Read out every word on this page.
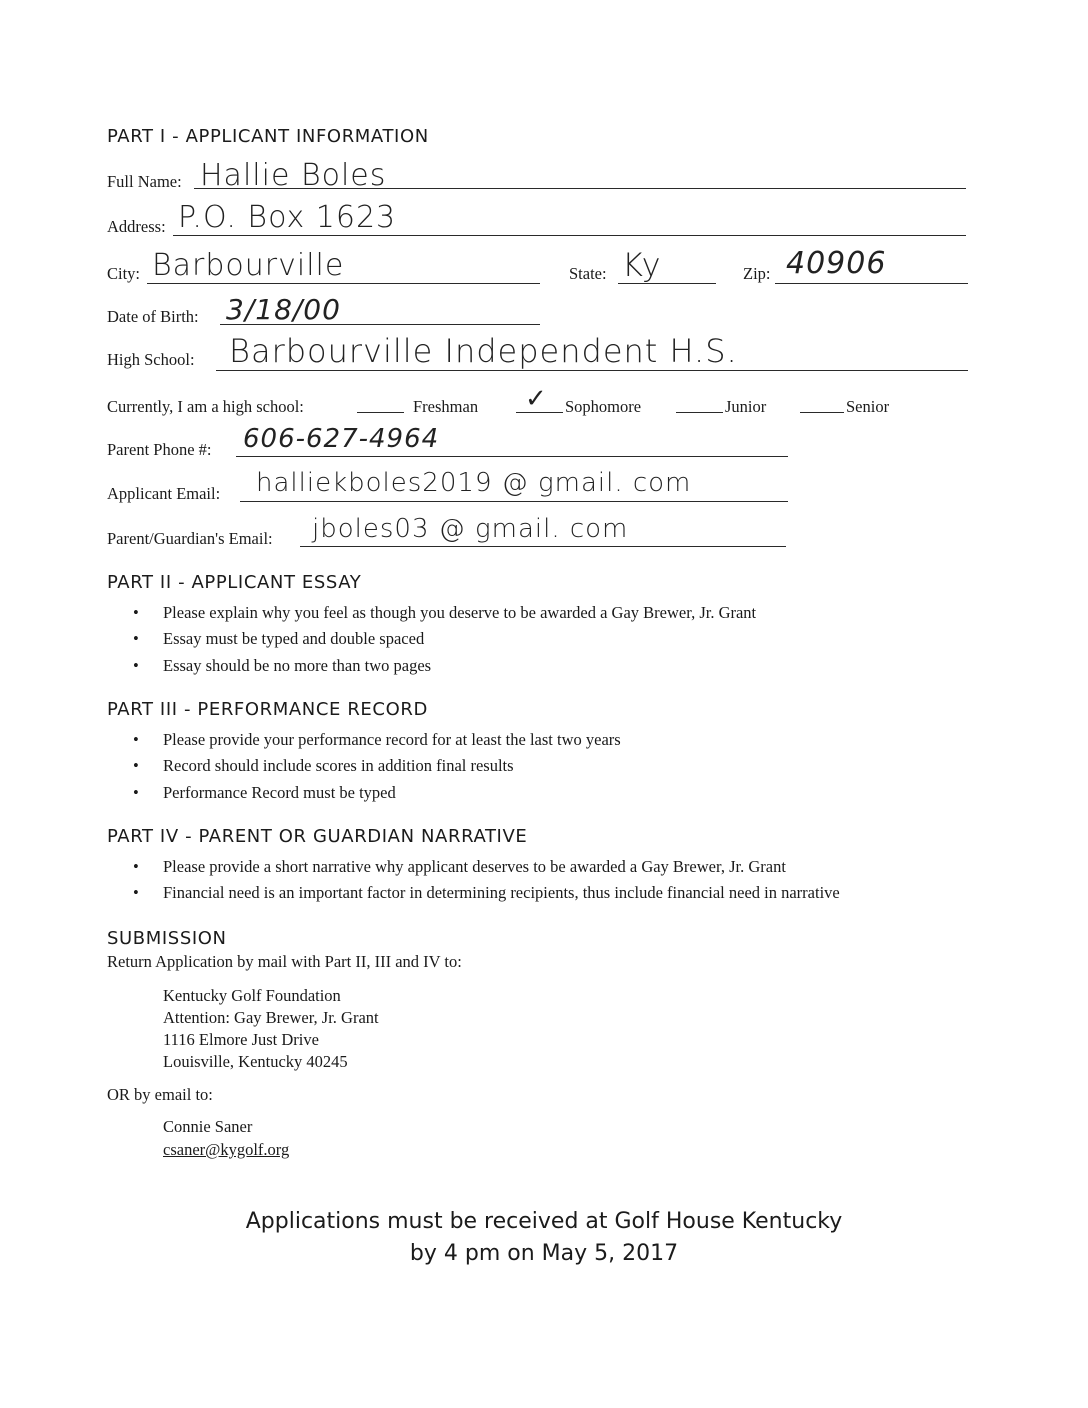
PART I - APPLICANT INFORMATION
Full Name: Hallie Boles
Address: P.O. Box 1623
City: Barbourville	State: Ky	Zip: 40906
Date of Birth: 3/18/00
High School: Barbourville Independent H.S.
Currently, I am a high school:	Freshman ✓ Sophomore	Junior	Senior
Parent Phone #: 606-627-4964
Applicant Email: halliekboles2019 @ gmail. com
Parent/Guardian's Email: jboles03 @ gmail. com
PART II - APPLICANT ESSAY
Please explain why you feel as though you deserve to be awarded a Gay Brewer, Jr. Grant
Essay must be typed and double spaced
Essay should be no more than two pages
PART III - PERFORMANCE RECORD
Please provide your performance record for at least the last two years
Record should include scores in addition final results
Performance Record must be typed
PART IV - PARENT OR GUARDIAN NARRATIVE
Please provide a short narrative why applicant deserves to be awarded a Gay Brewer, Jr. Grant
Financial need is an important factor in determining recipients, thus include financial need in narrative
SUBMISSION
Return Application by mail with Part II, III and IV to:
Kentucky Golf Foundation
Attention: Gay Brewer, Jr. Grant
1116 Elmore Just Drive
Louisville, Kentucky 40245
OR by email to:
Connie Saner
csaner@kygolf.org
Applications must be received at Golf House Kentucky
by 4 pm on May 5, 2017
